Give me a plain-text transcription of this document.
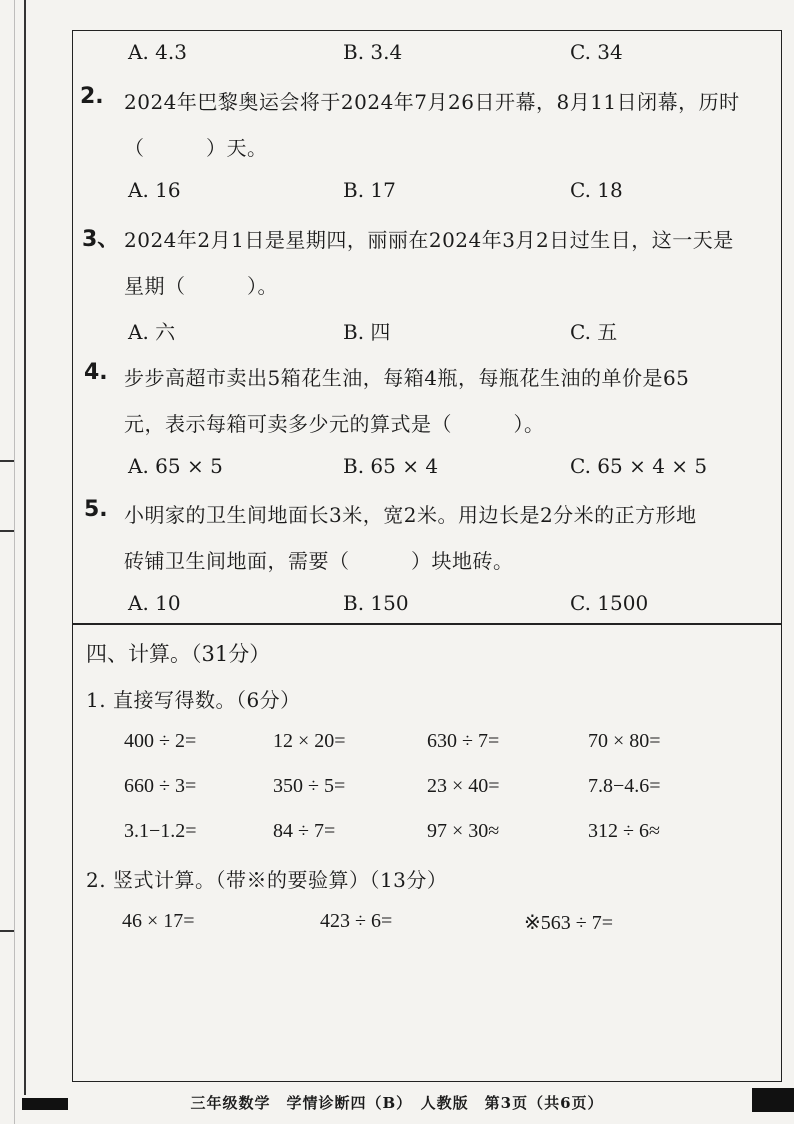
A. 4.3	B. 3.4	C. 34
2. 2024年巴黎奥运会将于2024年7月26日开幕，8月11日闭幕，历时
（　　　）天。
A. 16	B. 17	C. 18
3、 2024年2月1日是星期四，丽丽在2024年3月2日过生日，这一天是
星期（　　　）。
A. 六	B. 四	C. 五
4. 步步高超市卖出5箱花生油，每箱4瓶，每瓶花生油的单价是65
元，表示每箱可卖多少元的算式是（　　　）。
A. 65 × 5	B. 65 × 4	C. 65 × 4 × 5
5. 小明家的卫生间地面长3米，宽2米。用边长是2分米的正方形地
砖铺卫生间地面，需要（　　　）块地砖。
A. 10	B. 150	C. 1500
四、计算。（31分）
1. 直接写得数。（6分）
400 ÷ 2=	12 × 20=	630 ÷ 7=	70 × 80=
660 ÷ 3=	350 ÷ 5=	23 × 40=	7.8−4.6=
3.1−1.2=	84 ÷ 7=	97 × 30≈	312 ÷ 6≈
2. 竖式计算。（带※的要验算）（13分）
46 × 17=	423 ÷ 6=	※563 ÷ 7=
三年级数学　学情诊断四（B）　人教版　第3页（共6页）
